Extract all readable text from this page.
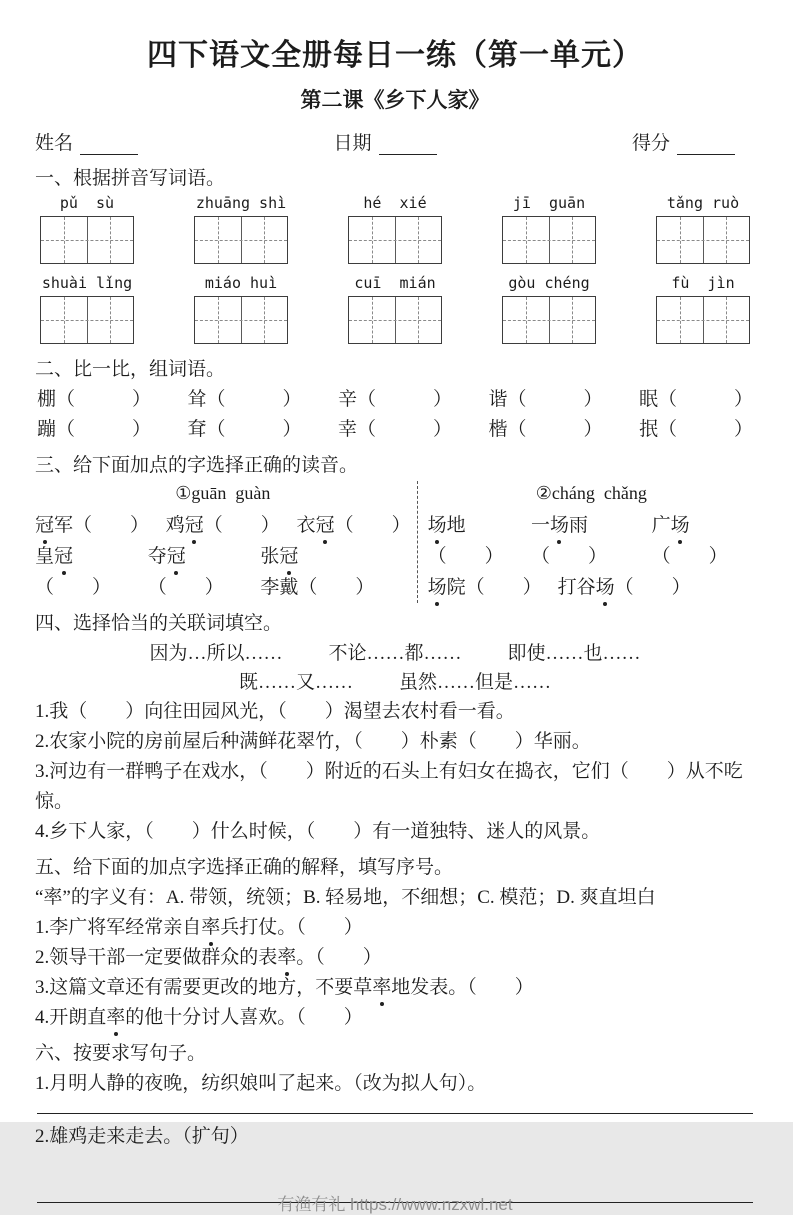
四下语文全册每日一练（第一单元）
第二课《乡下人家》
姓名	日期	得分
一、根据拼音写词语。
pǔ  sù	zhuāng shì	hé  xié	jī  guān	tǎng ruò
shuài lǐng	miáo huì	cuī  mián	gòu chéng	fù  jìn
二、比一比，组词语。
棚（　　　） 耸（　　　） 辛（　　　） 谐（　　　） 眠（　　　）
蹦（　　　） 耷（　　　） 幸（　　　） 楷（　　　） 抿（　　　）
三、给下面加点的字选择正确的读音。
①guān  guàn
冠军（　　） 鸡冠（　　） 衣冠（　　）
皇冠（　　）
夺冠（　　）
张冠李戴（　　）
②cháng  chǎng
场地（　　）
一场雨（　　）
广场（　　）
场院（　　） 打谷场（　　）
四、选择恰当的关联词填空。
因为…所以…… 不论……都…… 即使……也……
既……又…… 虽然……但是……

1.我（　　）向往田园风光，（　　）渴望去农村看一看。

2.农家小院的房前屋后种满鲜花翠竹，（　　）朴素（　　）华丽。

3.河边有一群鸭子在戏水，（　　）附近的石头上有妇女在捣衣，它们（　　）从不吃惊。

4.乡下人家，（　　）什么时候，（　　）有一道独特、迷人的风景。

五、给下面的加点字选择正确的解释，填写序号。

“率”的字义有：A. 带领，统领；B. 轻易地，不细想；C. 模范；D. 爽直坦白

1.李广将军经常亲自率兵打仗。（　　）

2.领导干部一定要做群众的表率。（　　）

3.这篇文章还有需要更改的地方，不要草率地发表。（　　）

4.开朗直率的他十分讨人喜欢。（　　）

六、按要求写句子。

1.月明人静的夜晚，纺织娘叫了起来。（改为拟人句）。

2.雄鸡走来走去。（扩句）

有渔有礼 https://www.nzxwl.net
